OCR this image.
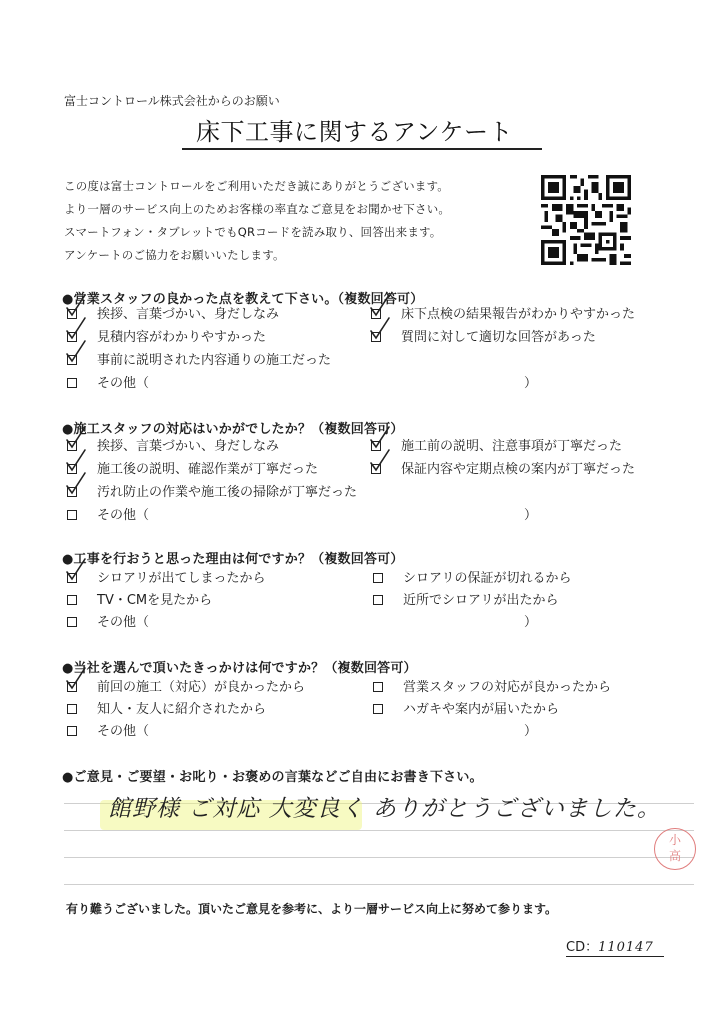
富士コントロール株式会社からのお願い
床下工事に関するアンケート
この度は富士コントロールをご利用いただき誠にありがとうございます。
より一層のサービス向上のためお客様の率直なご意見をお聞かせ下さい。
スマートフォン・タブレットでもQRコードを読み取り、回答出来ます。
アンケートのご協力をお願いいたします。
●営業スタッフの良かった点を教えて下さい。（複数回答可）
挨拶、言葉づかい、身だしなみ	床下点検の結果報告がわかりやすかった
見積内容がわかりやすかった	質問に対して適切な回答があった
事前に説明された内容通りの施工だった
その他（	）
●施工スタッフの対応はいかがでしたか？（複数回答可）
挨拶、言葉づかい、身だしなみ	施工前の説明、注意事項が丁寧だった
施工後の説明、確認作業が丁寧だった	保証内容や定期点検の案内が丁寧だった
汚れ防止の作業や施工後の掃除が丁寧だった
その他（	）
●工事を行おうと思った理由は何ですか？（複数回答可）
シロアリが出てしまったから	シロアリの保証が切れるから
TV・CMを見たから	近所でシロアリが出たから
その他（	）
●当社を選んで頂いたきっかけは何ですか？（複数回答可）
前回の施工（対応）が良かったから	営業スタッフの対応が良かったから
知人・友人に紹介されたから	ハガキや案内が届いたから
その他（	）
●ご意見・ご要望・お叱り・お褒めの言葉などご自由にお書き下さい。
館野様 ご対応 大変良く ありがとうございました。
小高
有り難うございました。頂いたご意見を参考に、より一層サービス向上に努めて参ります。
CD：110147
